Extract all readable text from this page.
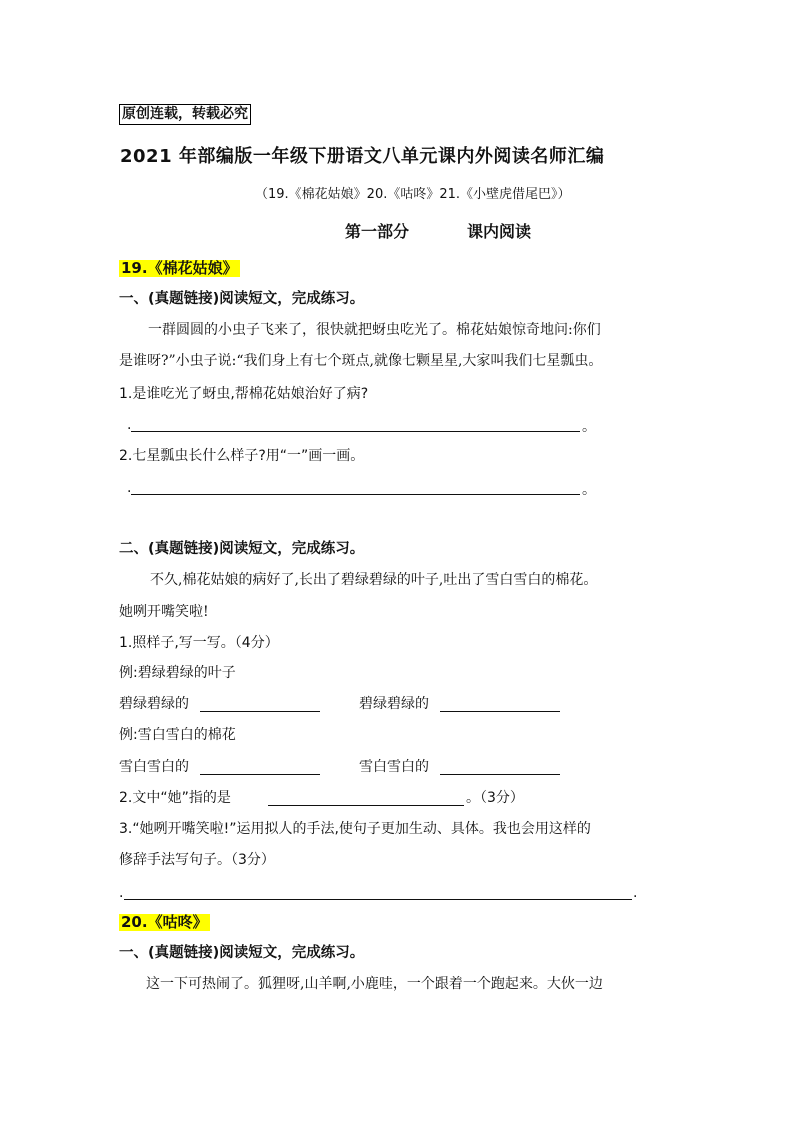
原创连载，转载必究
2021 年部编版一年级下册语文八单元课内外阅读名师汇编
（19.《棉花姑娘》20.《咕咚》21.《小壁虎借尾巴》）
第一部分	课内阅读
19.《棉花姑娘》
一、(真题链接)阅读短文，完成练习。
一群圆圆的小虫子飞来了，很快就把蚜虫吃光了。棉花姑娘惊奇地问:你们
是谁呀?”小虫子说:“我们身上有七个斑点,就像七颗星星,大家叫我们七星瓢虫。
1.是谁吃光了蚜虫,帮棉花姑娘治好了病?
.	。
2.七星瓢虫长什么样子?用“一”画一画。
.	。
二、(真题链接)阅读短文，完成练习。
不久,棉花姑娘的病好了,长出了碧绿碧绿的叶子,吐出了雪白雪白的棉花。
她咧开嘴笑啦!
1.照样子,写一写。（4分）
例:碧绿碧绿的叶子
碧绿碧绿的	碧绿碧绿的
例:雪白雪白的棉花
雪白雪白的	雪白雪白的
2.文中“她”指的是	。（3分）
3.“她咧开嘴笑啦!”运用拟人的手法,使句子更加生动、具体。我也会用这样的
修辞手法写句子。（3分）
.	.
20.《咕咚》
一、(真题链接)阅读短文，完成练习。
这一下可热闹了。狐狸呀,山羊啊,小鹿哇，一个跟着一个跑起来。大伙一边
